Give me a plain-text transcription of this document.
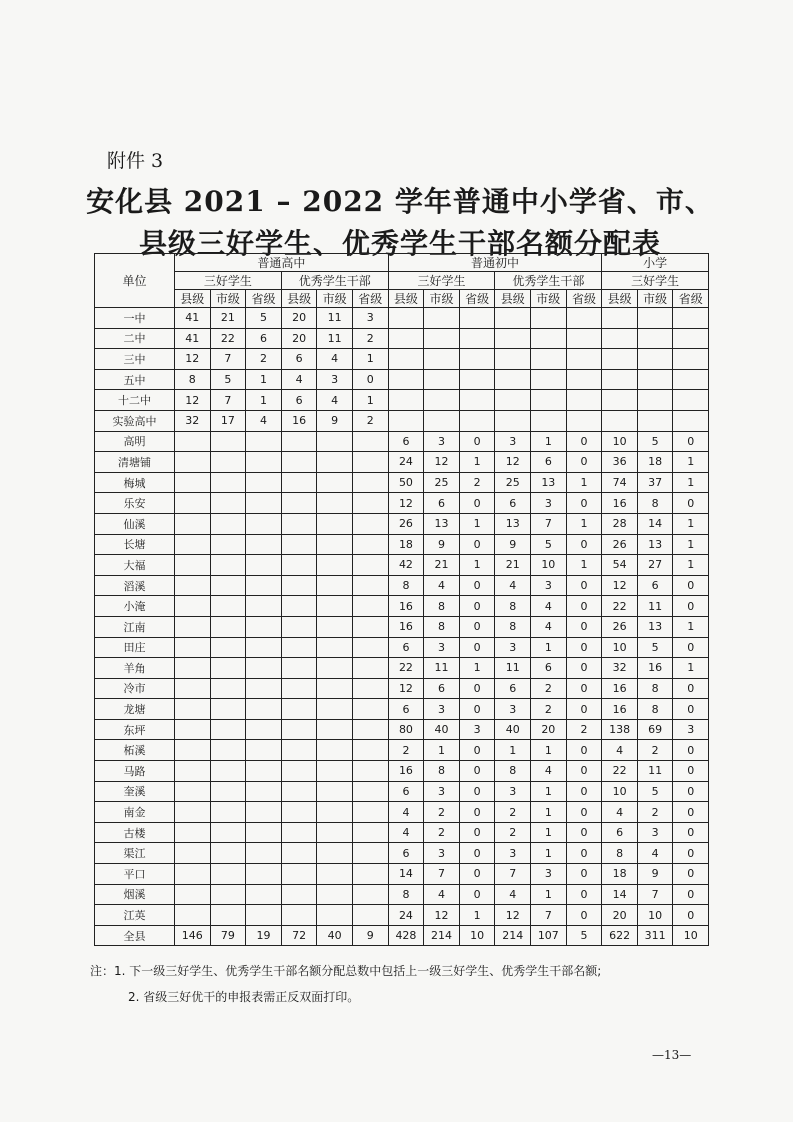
附件 3
安化县 2021 – 2022 学年普通中小学省、市、
县级三好学生、优秀学生干部名额分配表
单位	普通高中						普通初中						小学		
	三好学生			优秀学生干部			三好学生			优秀学生干部			三好学生		
	县级	市级	省级	县级	市级	省级	县级	市级	省级	县级	市级	省级	县级	市级	省级
一中	41	21	5	20	11	3									
二中	41	22	6	20	11	2									
三中	12	7	2	6	4	1									
五中	8	5	1	4	3	0									
十二中	12	7	1	6	4	1									
实验高中	32	17	4	16	9	2									
高明							6	3	0	3	1	0	10	5	0
清塘铺							24	12	1	12	6	0	36	18	1
梅城							50	25	2	25	13	1	74	37	1
乐安							12	6	0	6	3	0	16	8	0
仙溪							26	13	1	13	7	1	28	14	1
长塘							18	9	0	9	5	0	26	13	1
大福							42	21	1	21	10	1	54	27	1
滔溪							8	4	0	4	3	0	12	6	0
小淹							16	8	0	8	4	0	22	11	0
江南							16	8	0	8	4	0	26	13	1
田庄							6	3	0	3	1	0	10	5	0
羊角							22	11	1	11	6	0	32	16	1
冷市							12	6	0	6	2	0	16	8	0
龙塘							6	3	0	3	2	0	16	8	0
东坪							80	40	3	40	20	2	138	69	3
柘溪							2	1	0	1	1	0	4	2	0
马路							16	8	0	8	4	0	22	11	0
奎溪							6	3	0	3	1	0	10	5	0
南金							4	2	0	2	1	0	4	2	0
古楼							4	2	0	2	1	0	6	3	0
渠江							6	3	0	3	1	0	8	4	0
平口							14	7	0	7	3	0	18	9	0
烟溪							8	4	0	4	1	0	14	7	0
江英							24	12	1	12	7	0	20	10	0
全县	146	79	19	72	40	9	428	214	10	214	107	5	622	311	10
注：1. 下一级三好学生、优秀学生干部名额分配总数中包括上一级三好学生、优秀学生干部名额;
2. 省级三好优干的申报表需正反双面打印。
—13—
